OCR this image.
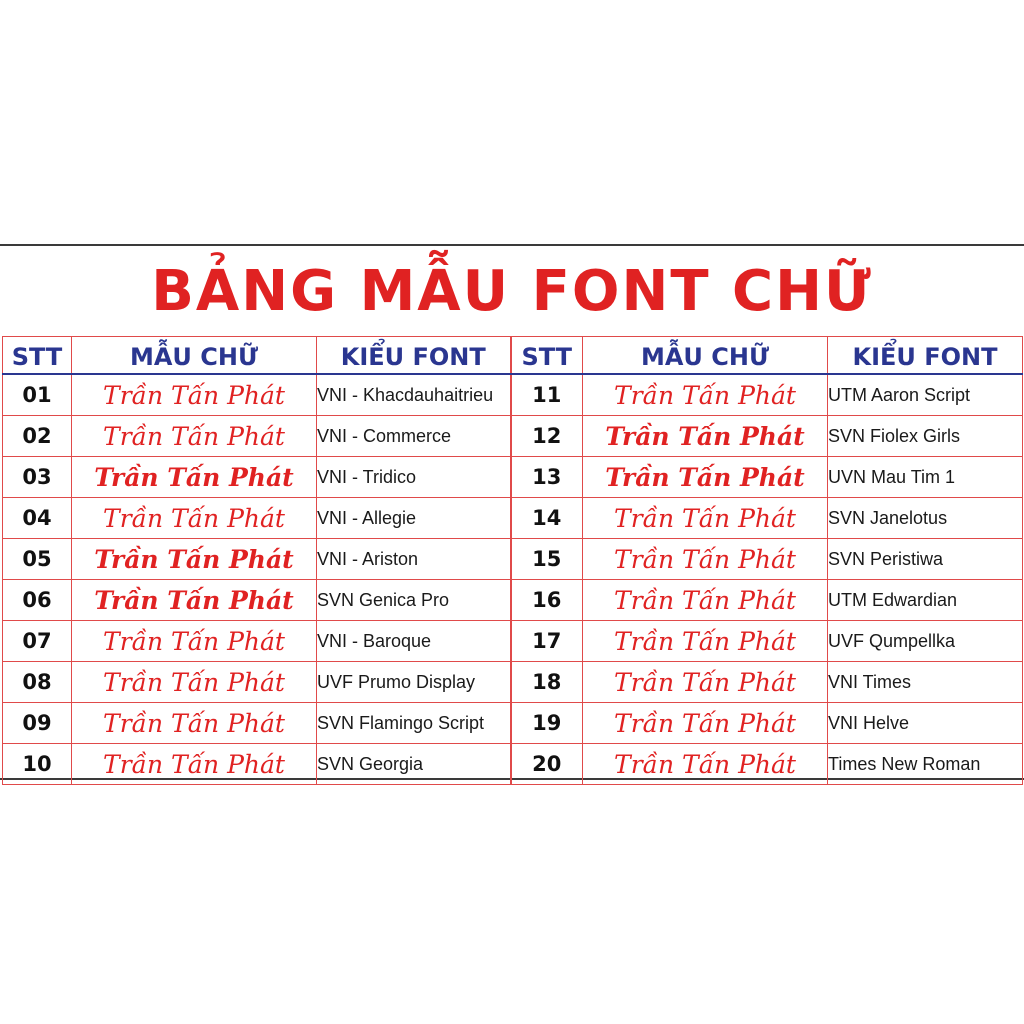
BẢNG MẪU FONT CHỮ
STT	MẪU CHỮ	KIỂU FONT	STT	MẪU CHỮ	KIỂU FONT
01	Trần Tấn Phát	VNI - Khacdauhaitrieu	11	Trần Tấn Phát	UTM Aaron Script
02	Trần Tấn Phát	VNI - Commerce	12	Trần Tấn Phát	SVN Fiolex Girls
03	Trần Tấn Phát	VNI - Tridico	13	Trần Tấn Phát	UVN Mau Tim 1
04	Trần Tấn Phát	VNI - Allegie	14	Trần Tấn Phát	SVN Janelotus
05	Trần Tấn Phát	VNI - Ariston	15	Trần Tấn Phát	SVN Peristiwa
06	Trần Tấn Phát	SVN Genica Pro	16	Trần Tấn Phát	UTM Edwardian
07	Trần Tấn Phát	VNI - Baroque	17	Trần Tấn Phát	UVF Qumpellka
08	Trần Tấn Phát	UVF Prumo Display	18	Trần Tấn Phát	VNI Times
09	Trần Tấn Phát	SVN Flamingo Script	19	Trần Tấn Phát	VNI Helve
10	Trần Tấn Phát	SVN Georgia	20	Trần Tấn Phát	Times New Roman
